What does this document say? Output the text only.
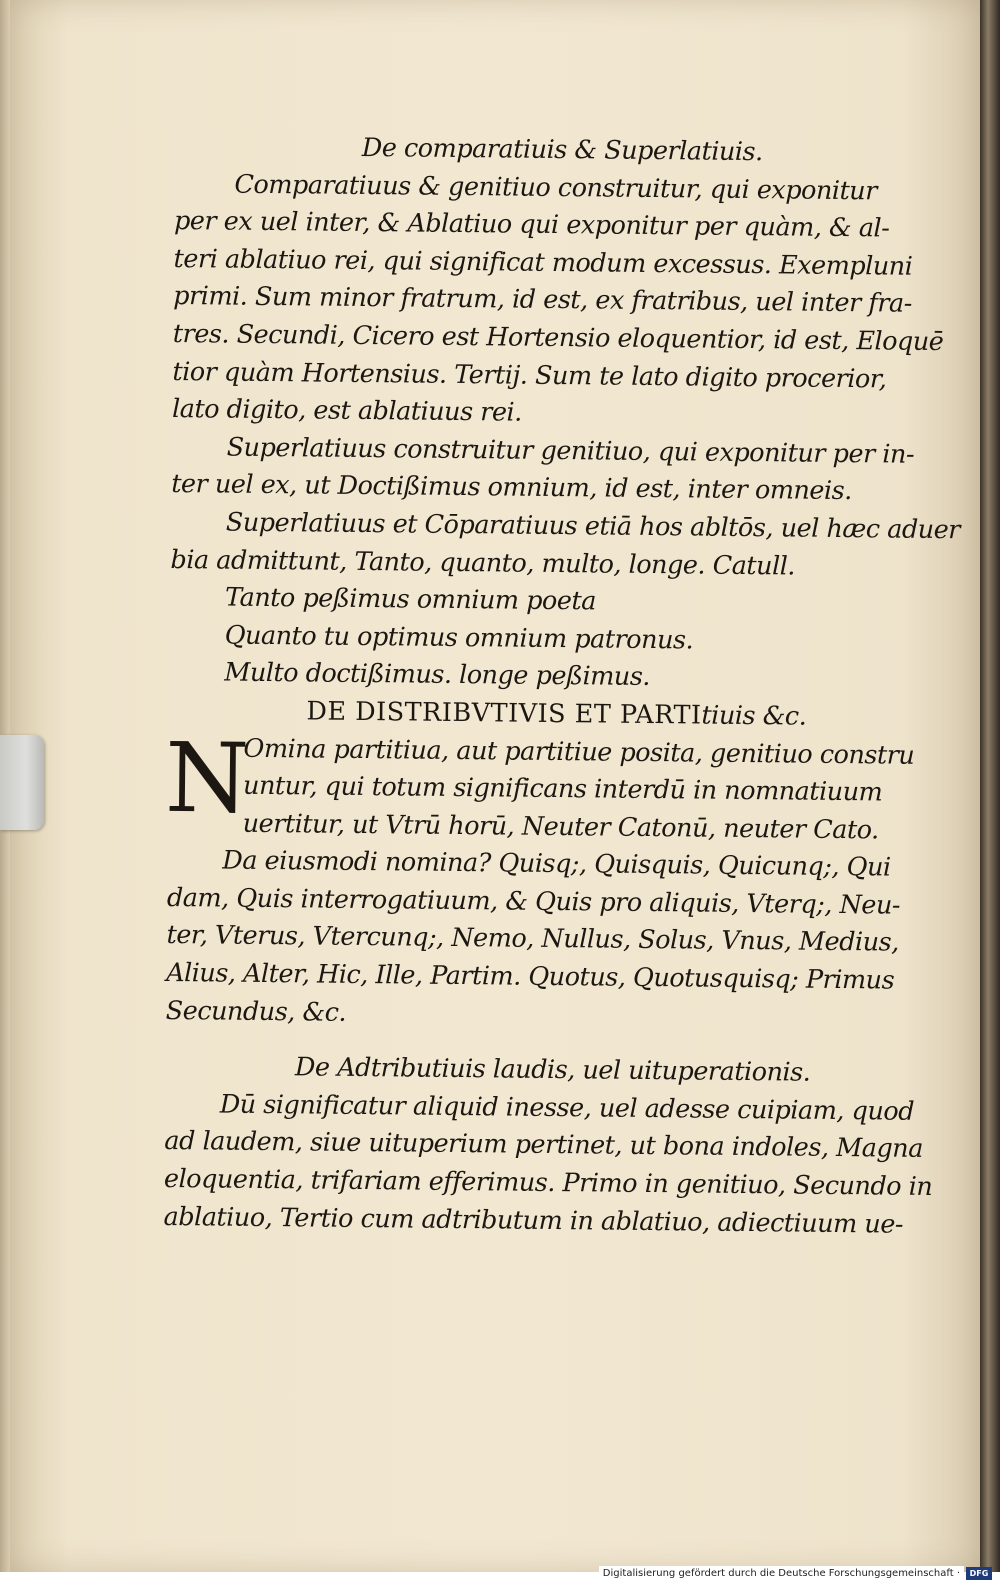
De comparatiuis & Superlatiuis.
Comparatiuus & genitiuo construitur, qui exponitur
per ex uel inter, & Ablatiuo qui exponitur per quàm, & al-
teri ablatiuo rei, qui significat modum excessus. Exempluni
primi. Sum minor fratrum, id est, ex fratribus, uel inter fra-
tres. Secundi, Cicero est Hortensio eloquentior, id est, Eloquē
tior quàm Hortensius. Tertij. Sum te lato digito procerior,
lato digito, est ablatiuus rei.
Superlatiuus construitur genitiuo, qui exponitur per in-
ter uel ex, ut Doctißimus omnium, id est, inter omneis.
Superlatiuus et Cōparatiuus etiā hos abltōs, uel hæc aduer
bia admittunt, Tanto, quanto, multo, longe. Catull.
Tanto peßimus omnium poeta
Quanto tu optimus omnium patronus.
Multo doctißimus. longe peßimus.
DE DISTRIBVTIVIS ET PARTItiuis &c.
N
Omina partitiua, aut partitiue posita, genitiuo constru
untur, qui totum significans interdū in nomnatiuum
uertitur, ut Vtrū horū, Neuter Catonū, neuter Cato.
Da eiusmodi nomina? Quisq;, Quisquis, Quicunq;, Qui
dam, Quis interrogatiuum, & Quis pro aliquis, Vterq;, Neu-
ter, Vterus, Vtercunq;, Nemo, Nullus, Solus, Vnus, Medius,
Alius, Alter, Hic, Ille, Partim. Quotus, Quotusquisq; Primus
Secundus, &c.
De Adtributiuis laudis, uel uituperationis.
Dū significatur aliquid inesse, uel adesse cuipiam, quod
ad laudem, siue uituperium pertinet, ut bona indoles, Magna
eloquentia, trifariam efferimus. Primo in genitiuo, Secundo in
ablatiuo, Tertio cum adtributum in ablatiuo, adiectiuum ue-
Digitalisierung gefördert durch die Deutsche Forschungsgemeinschaft ·	DFG
